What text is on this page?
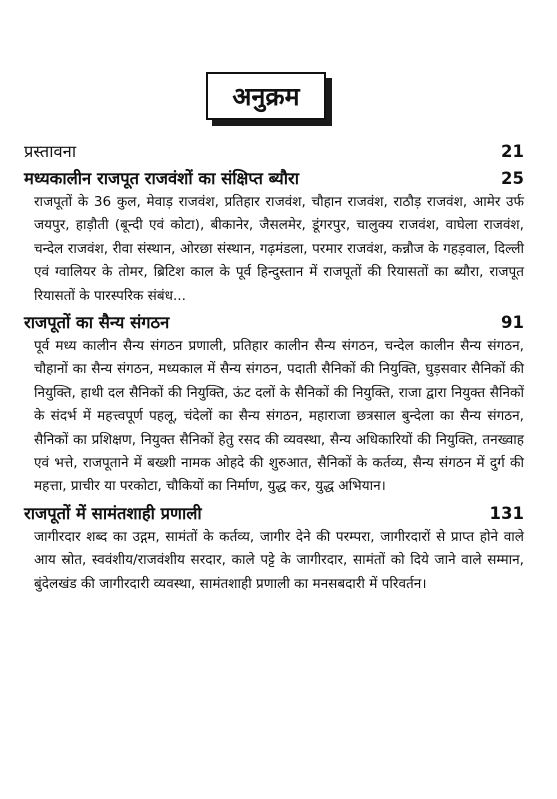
अनुक्रम
प्रस्तावना	21
मध्यकालीन राजपूत राजवंशों का संक्षिप्त ब्यौरा	25
राजपूतों के 36 कुल, मेवाड़ राजवंश, प्रतिहार राजवंश, चौहान राजवंश, राठौड़ राजवंश, आमेर उर्फ जयपुर, हाड़ौती (बून्दी एवं कोटा), बीकानेर, जैसलमेर, डूंगरपुर, चालुक्य राजवंश, वाघेला राजवंश, चन्देल राजवंश, रीवा संस्थान, ओरछा संस्थान, गढ़मंडला, परमार राजवंश, कन्नौज के गहड़वाल, दिल्ली एवं ग्वालियर के तोमर, ब्रिटिश काल के पूर्व हिन्दुस्तान में राजपूतों की रियासतों का ब्यौरा, राजपूत रियासतों के पारस्परिक संबंध...
राजपूतों का सैन्य संगठन	91
पूर्व मध्य कालीन सैन्य संगठन प्रणाली, प्रतिहार कालीन सैन्य संगठन, चन्देल कालीन सैन्य संगठन, चौहानों का सैन्य संगठन, मध्यकाल में सैन्य संगठन, पदाती सैनिकों की नियुक्ति, घुड़सवार सैनिकों की नियुक्ति, हाथी दल सैनिकों की नियुक्ति, ऊंट दलों के सैनिकों की नियुक्ति, राजा द्वारा नियुक्त सैनिकों के संदर्भ में महत्त्वपूर्ण पहलू, चंदेलों का सैन्य संगठन, महाराजा छत्रसाल बुन्देला का सैन्य संगठन, सैनिकों का प्रशिक्षण, नियुक्त सैनिकों हेतु रसद की व्यवस्था, सैन्य अधिकारियों की नियुक्ति, तनख्वाह एवं भत्ते, राजपूताने में बख्शी नामक ओहदे की शुरुआत, सैनिकों के कर्तव्य, सैन्य संगठन में दुर्ग की महत्ता, प्राचीर या परकोटा, चौकियों का निर्माण, युद्ध कर, युद्ध अभियान।
राजपूतों में सामंतशाही प्रणाली	131
जागीरदार शब्द का उद्गम, सामंतों के कर्तव्य, जागीर देने की परम्परा, जागीरदारों से प्राप्त होने वाले आय स्रोत, स्ववंशीय/राजवंशीय सरदार, काले पट्टे के जागीरदार, सामंतों को दिये जाने वाले सम्मान, बुंदेलखंड की जागीरदारी व्यवस्था, सामंतशाही प्रणाली का मनसबदारी में परिवर्तन।
